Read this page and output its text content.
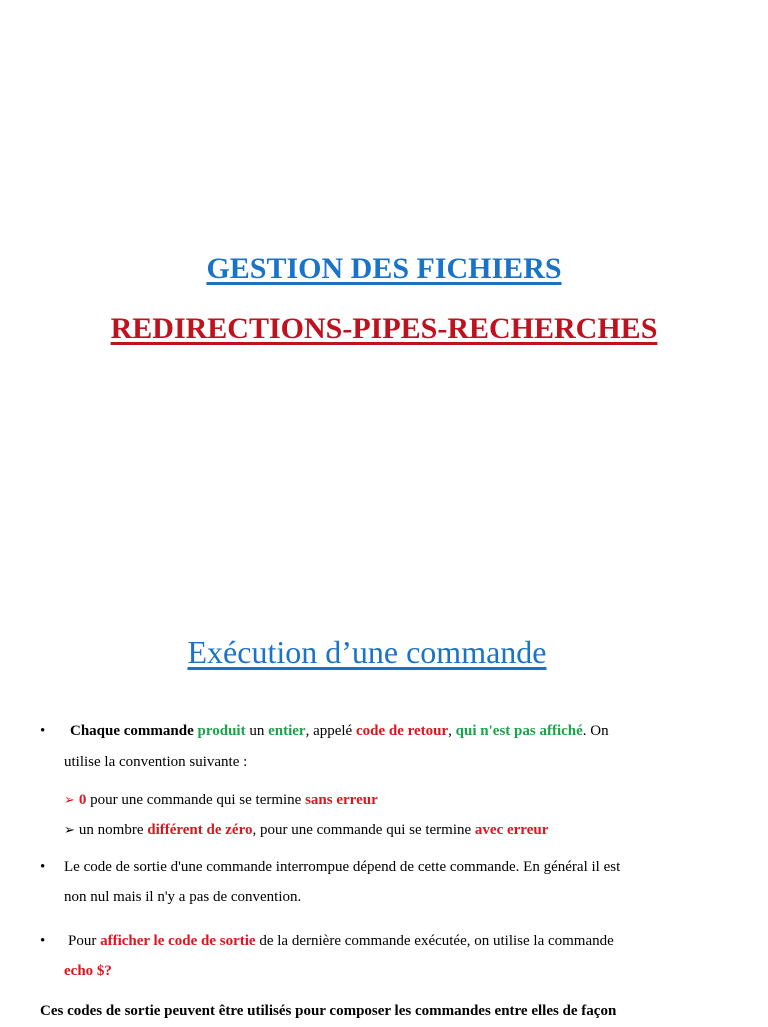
GESTION DES FICHIERS
REDIRECTIONS-PIPES-RECHERCHES
Exécution d’une commande
•	Chaque commande produit un entier, appelé code de retour, qui n'est pas affiché. On
utilise la convention suivante :
➢ 0 pour une commande qui se termine sans erreur
➢ un nombre différent de zéro, pour une commande qui se termine avec erreur
• Le code de sortie d'une commande interrompue dépend de cette commande. En général il est
non nul mais il n'y a pas de convention.
• Pour afficher le code de sortie de la dernière commande exécutée, on utilise la commande
echo $?
Ces codes de sortie peuvent être utilisés pour composer les commandes entre elles de façon
